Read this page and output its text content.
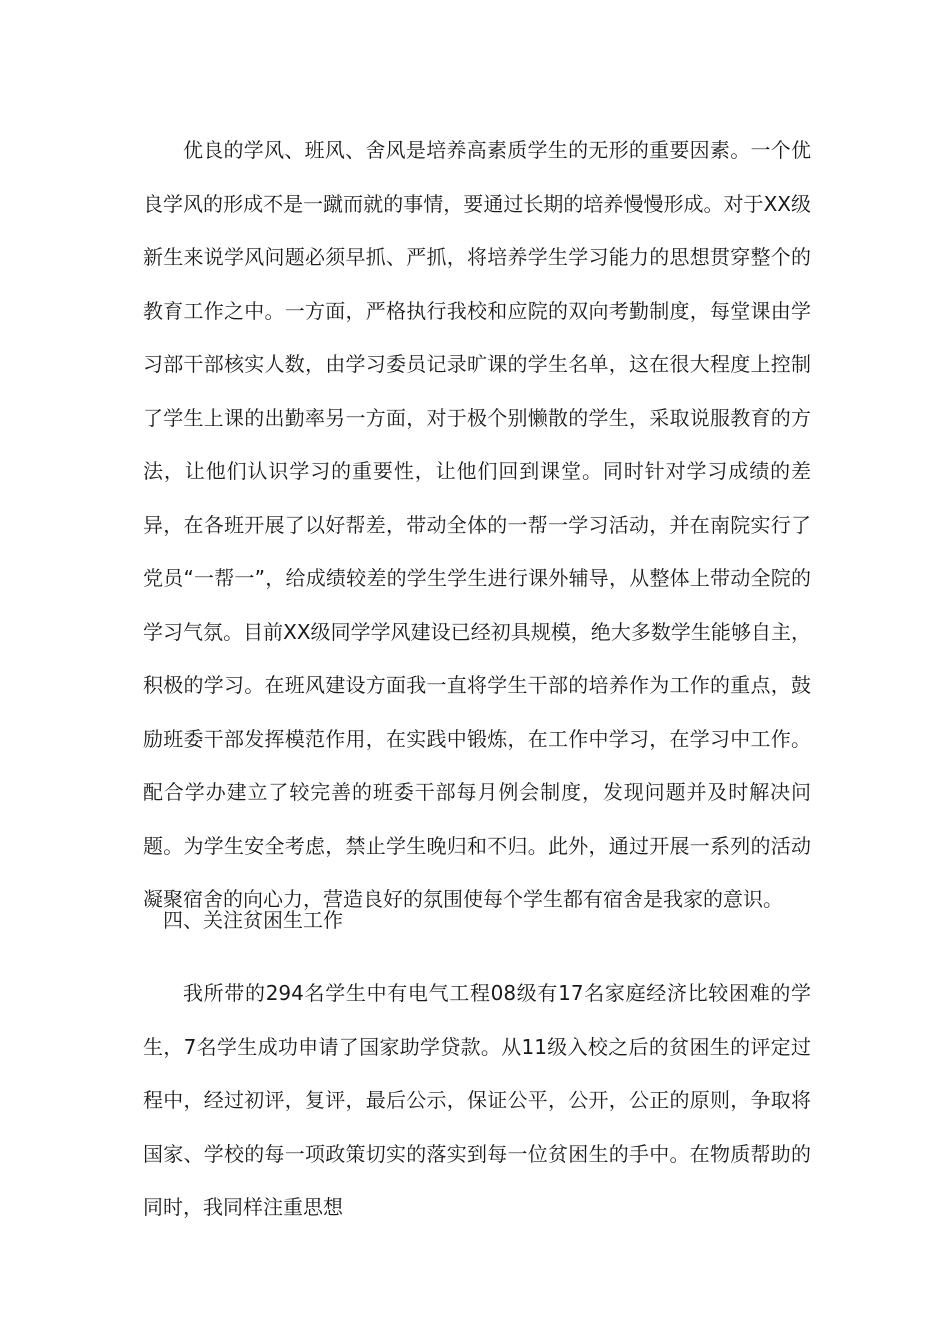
优良的学风、班风、舍风是培养高素质学生的无形的重要因素。一个优良学风的形成不是一蹴而就的事情，要通过长期的培养慢慢形成。对于XX级新生来说学风问题必须早抓、严抓，将培养学生学习能力的思想贯穿整个的教育工作之中。一方面，严格执行我校和应院的双向考勤制度，每堂课由学习部干部核实人数，由学习委员记录旷课的学生名单，这在很大程度上控制了学生上课的出勤率另一方面，对于极个别懒散的学生，采取说服教育的方法，让他们认识学习的重要性，让他们回到课堂。同时针对学习成绩的差异，在各班开展了以好帮差，带动全体的一帮一学习活动，并在南院实行了党员“一帮一”，给成绩较差的学生学生进行课外辅导，从整体上带动全院的学习气氛。目前XX级同学学风建设已经初具规模，绝大多数学生能够自主，积极的学习。在班风建设方面我一直将学生干部的培养作为工作的重点，鼓励班委干部发挥模范作用，在实践中锻炼，在工作中学习，在学习中工作。配合学办建立了较完善的班委干部每月例会制度，发现问题并及时解决问题。为学生安全考虑，禁止学生晚归和不归。此外，通过开展一系列的活动凝聚宿舍的向心力，营造良好的氛围使每个学生都有宿舍是我家的意识。

四、关注贫困生工作

我所带的294名学生中有电气工程08级有17名家庭经济比较困难的学生，7名学生成功申请了国家助学贷款。从11级入校之后的贫困生的评定过程中，经过初评，复评，最后公示，保证公平，公开，公正的原则，争取将国家、学校的每一项政策切实的落实到每一位贫困生的手中。在物质帮助的同时，我同样注重思想
